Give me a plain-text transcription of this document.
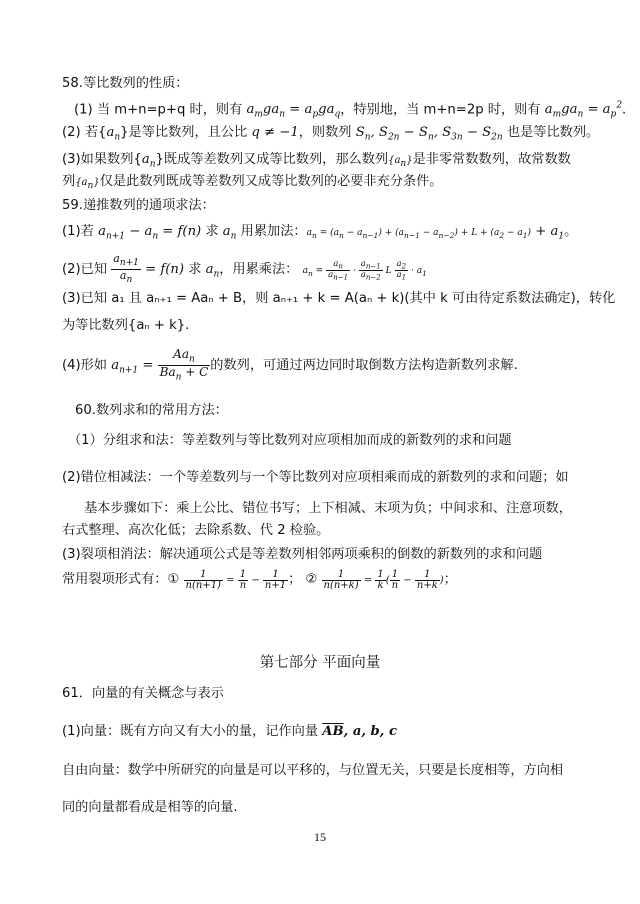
58.等比数列的性质：
(1) 当 m+n=p+q 时，则有 $a_mga_n = a_pga_q$，特别地，当 m+n=2p 时，则有 $a_mga_n = a_p^2$.
(2) 若$\{a_n\}$是等比数列，且公比 q ≠ −1，则数列 $S_n$, $S_{2n} - S_n$, $S_{3n} - S_{2n}$ 也是等比数列。
(3)如果数列$\{a_n\}$既成等差数列又成等比数列，那么数列$\{a_n\}$是非零常数数列，故常数数
列$\{a_n\}$仅是此数列既成等差数列又成等比数列的必要非充分条件。
59.递推数列的通项求法：
(1)若 $a_{n+1} - a_n = f(n)$ 求 $a_n$ 用累加法：$a_n = (a_n - a_{n-1}) + (a_{n-1} - a_{n-2}) + L + (a_2 - a_1) + a_1$。
(2)已知 $\frac{a_{n+1}}{a_n} = f(n)$ 求 $a_n$，用累乘法： $a_n = \frac{a_n}{a_{n-1}} \cdot \frac{a_{n-1}}{a_{n-2}}$ L $\frac{a_2}{a_1} \cdot a_1$
(3)已知 a₁ 且 aₙ₊₁ = Aaₙ + B，则 aₙ₊₁ + k = A(aₙ + k)(其中 k 可由待定系数法确定)，转化
为等比数列{aₙ + k}.
(4)形如 $a_{n+1} = \frac{Aa_n}{Ba_n + C}$ 的数列，可通过两边同时取倒数方法构造新数列求解.
60.数列求和的常用方法：
（1）分组求和法：等差数列与等比数列对应项相加而成的新数列的求和问题
(2)错位相减法：一个等差数列与一个等比数列对应项相乘而成的新数列的求和问题；如
基本步骤如下：乘上公比、错位书写；上下相减、末项为负；中间求和、注意项数，
右式整理、高次化低；去除系数、代 2 检验。
(3)裂项相消法：解决通项公式是等差数列相邻两项乘积的倒数的新数列的求和问题
常用裂项形式有：① $\frac{1}{n(n+1)} = \frac{1}{n} - \frac{1}{n+1}$ ； ② $\frac{1}{n(n+k)} = \frac{1}{k}$ ( $\frac{1}{n} - \frac{1}{n+k}$ )；
第七部分 平面向量
61．向量的有关概念与表示
(1)向量：既有方向又有大小的量，记作向量 $\overline{AB}$, a, b, c
自由向量：数学中所研究的向量是可以平移的，与位置无关，只要是长度相等，方向相
同的向量都看成是相等的向量.
15
